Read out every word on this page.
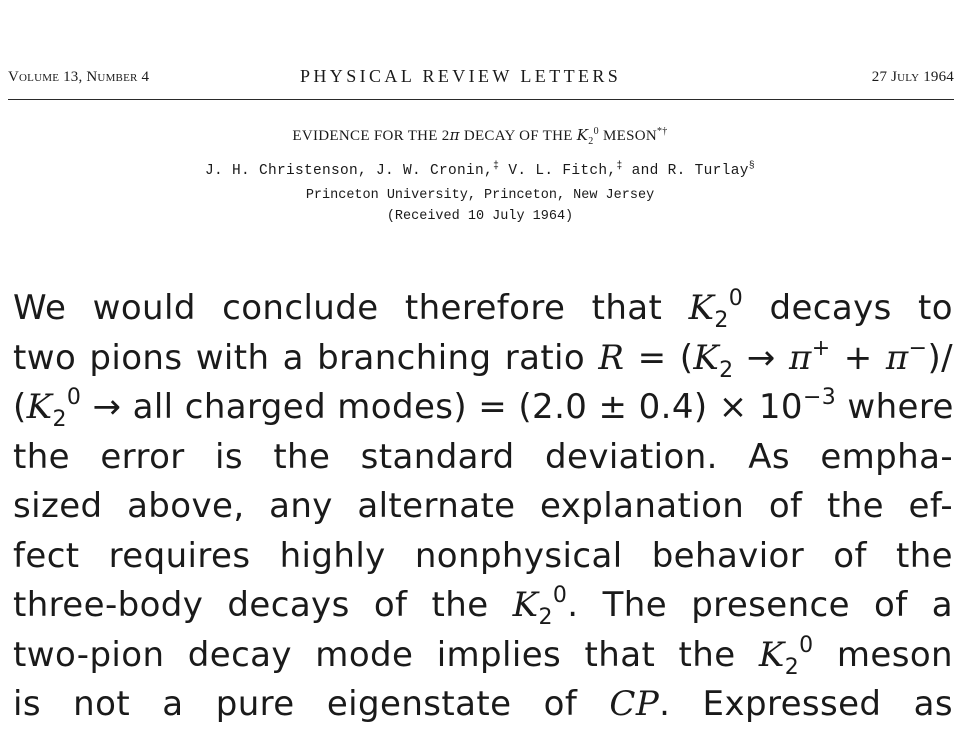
Volume 13, Number 4	PHYSICAL REVIEW LETTERS	27 July 1964
EVIDENCE FOR THE 2π DECAY OF THE $K_2^0$ MESON*†
J. H. Christenson, J. W. Cronin,‡ V. L. Fitch,‡ and R. Turlay§
Princeton University, Princeton, New Jersey
(Received 10 July 1964)
We would conclude therefore that $K_2^0$ decays to
two pions with a branching ratio $R = (K_2 \to \pi^+ + \pi^-)/$
($K_2^0$ → all charged modes) = $(2.0 \pm 0.4) \times 10^{-3}$ where
the error is the standard deviation. As empha-
sized above, any alternate explanation of the ef-
fect requires highly nonphysical behavior of the
three-body decays of the $K_2^0$. The presence of a
two-pion decay mode implies that the $K_2^0$ meson
is not a pure eigenstate of CP. Expressed as
